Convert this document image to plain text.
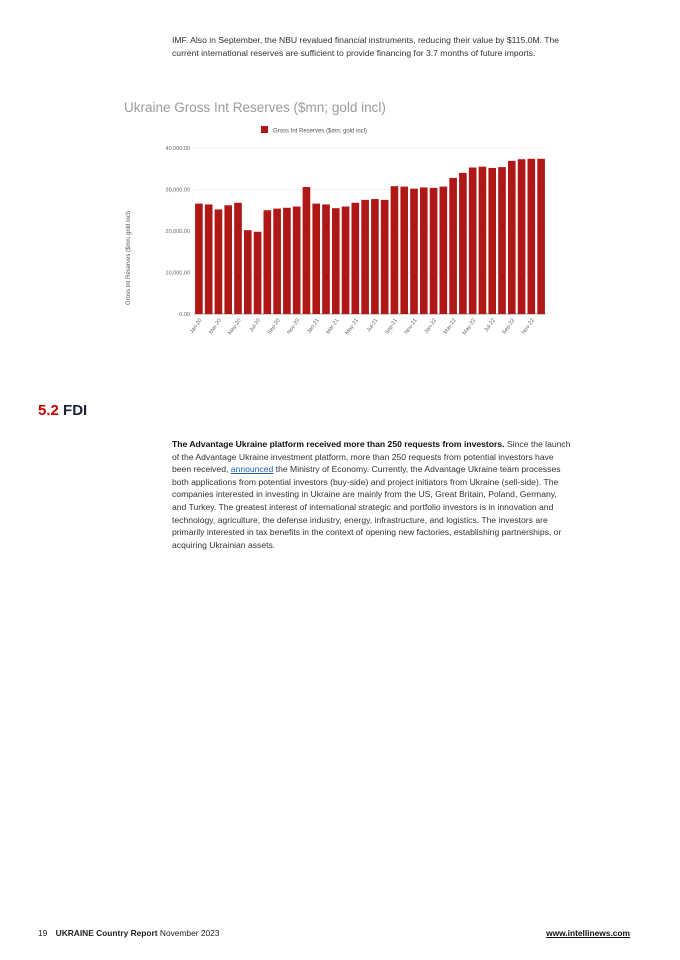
IMF. Also in September, the NBU revalued financial instruments, reducing their value by $115.0M. The current international reserves are sufficient to provide financing for 3.7 months of future imports.

Ukraine Gross Int Reserves ($mn; gold incl)
Gross Int Reserves ($mn; gold incl)
Gross Int Reserves ($mn; gold incl)
0.00
10,000.00
20,000.00
30,000.00
40,000.00
Jan-20 Mar-20 May-20 Jul-20 Sep-20 Nov-20 Jan-21 Mar-21 May-21 Jul-21 Sep-21 Nov-21 Jan-22 Mar-22 May-22 Jul-22 Sep-22 Nov-22
5.2 FDI

The Advantage Ukraine platform received more than 250 requests from investors. Since the launch of the Advantage Ukraine investment platform, more than 250 requests from potential investors have been received, announced the Ministry of Economy. Currently, the Advantage Ukraine team processes both applications from potential investors (buy-side) and project initiators from Ukraine (sell-side). The companies interested in investing in Ukraine are mainly from the US, Great Britain, Poland, Germany, and Turkey. The greatest interest of international strategic and portfolio investors is in innovation and technology, agriculture, the defense industry, energy, infrastructure, and logistics. The investors are primarily interested in tax benefits in the context of opening new factories, establishing partnerships, or acquiring Ukrainian assets.

19 UKRAINE Country Report November 2023	www.intellinews.com
